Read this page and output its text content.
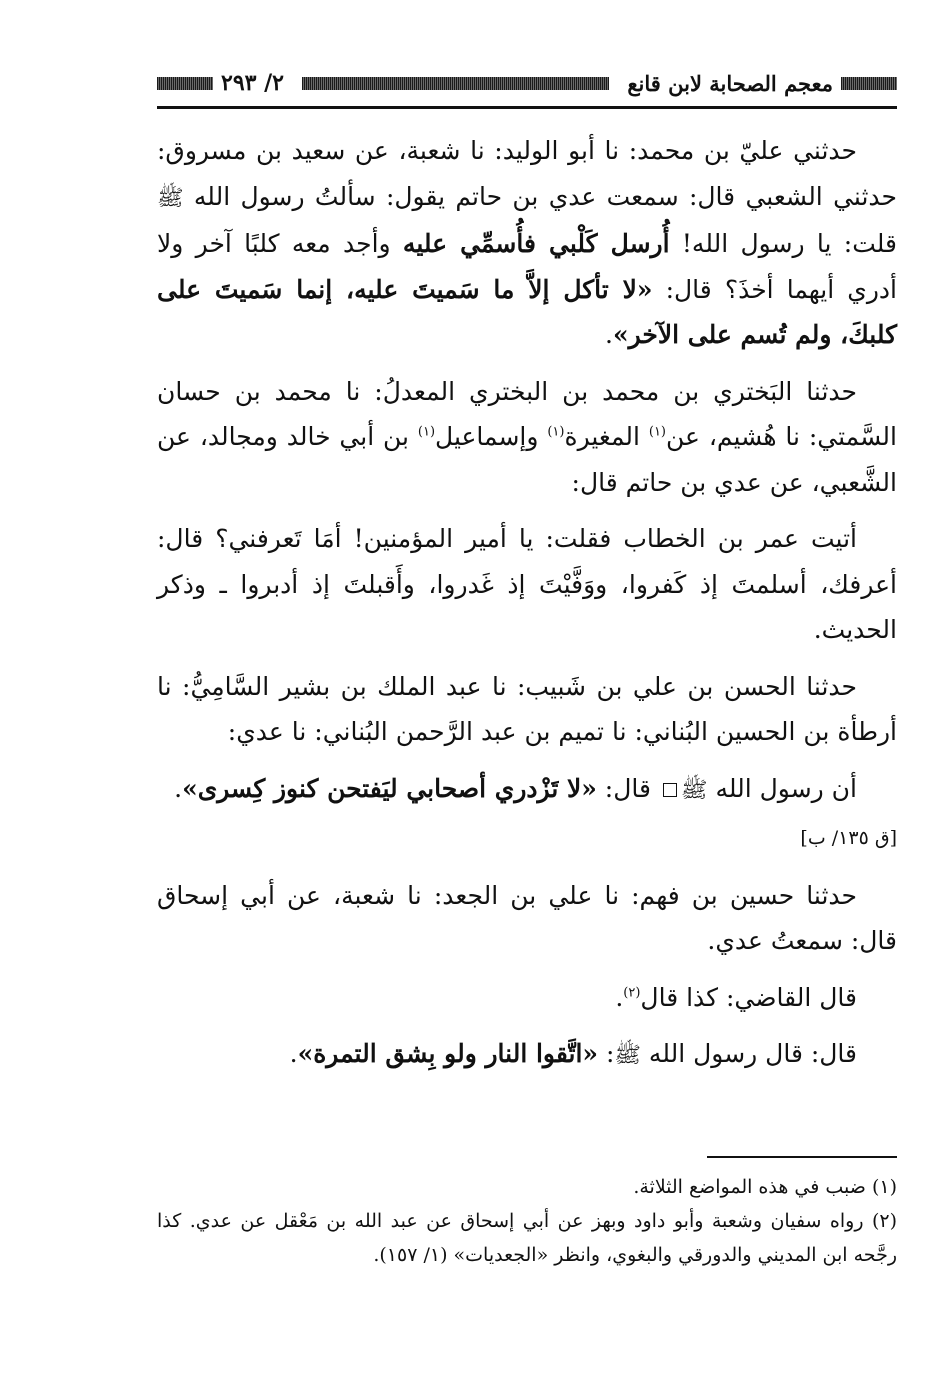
معجم الصحابة لابن قانع
٢/ ٢٩٣

حدثني عليّ بن محمد: نا أبو الوليد: نا شعبة، عن سعيد بن مسروق: حدثني الشعبي قال: سمعت عدي بن حاتم يقول: سألتُ رسول الله ﷺ قلت: يا رسول الله! أُرسل كَلْبي فأُسمِّي عليه وأجد معه كلبًا آخر ولا أدري أيهما أخذَ؟ قال: «لا تأكل إلاَّ ما سَميتَ عليه، إنما سَميتَ على كلبكَ، ولم تُسم على الآخر».

حدثنا البَختري بن محمد بن البختري المعدلُ: نا محمد بن حسان السَّمتي: نا هُشيم، عن$^{(١)}$ المغيرة$^{(١)}$ وإسماعيل$^{(١)}$ بن أبي خالد ومجالد، عن الشَّعبي، عن عدي بن حاتم قال:

أتيت عمر بن الخطاب فقلت: يا أمير المؤمنين! أمَا تَعرفني؟ قال: أعرفك، أسلمتَ إذ كَفروا، ووَفَّيْتَ إذ غَدروا، وأَقبلتَ إذ أدبروا ـ وذكر الحديث.

حدثنا الحسن بن علي بن شَبيب: نا عبد الملك بن بشير السَّامِيُّ: نا أرطأة بن الحسين البُناني: نا تميم بن عبد الرَّحمن البُناني: نا عدي:

أن رسول الله ﷺ قال: «لا تَزْدري أصحابي ليَفتحن كنوز كِسرى». [ق ١٣٥/ ب]

حدثنا حسين بن فهم: نا علي بن الجعد: نا شعبة، عن أبي إسحاق قال: سمعتُ عدي.

قال القاضي: كذا قال$^{(٢)}$.

قال: قال رسول الله ﷺ: «اتَّقوا النار ولو بِشق التمرة».

(١) ضبب في هذه المواضع الثلاثة.

(٢) رواه سفيان وشعبة وأبو داود وبهز عن أبي إسحاق عن عبد الله بن مَعْقل عن عدي. كذا رجَّحه ابن المديني والدورقي والبغوي، وانظر «الجعديات» (١/ ١٥٧).
